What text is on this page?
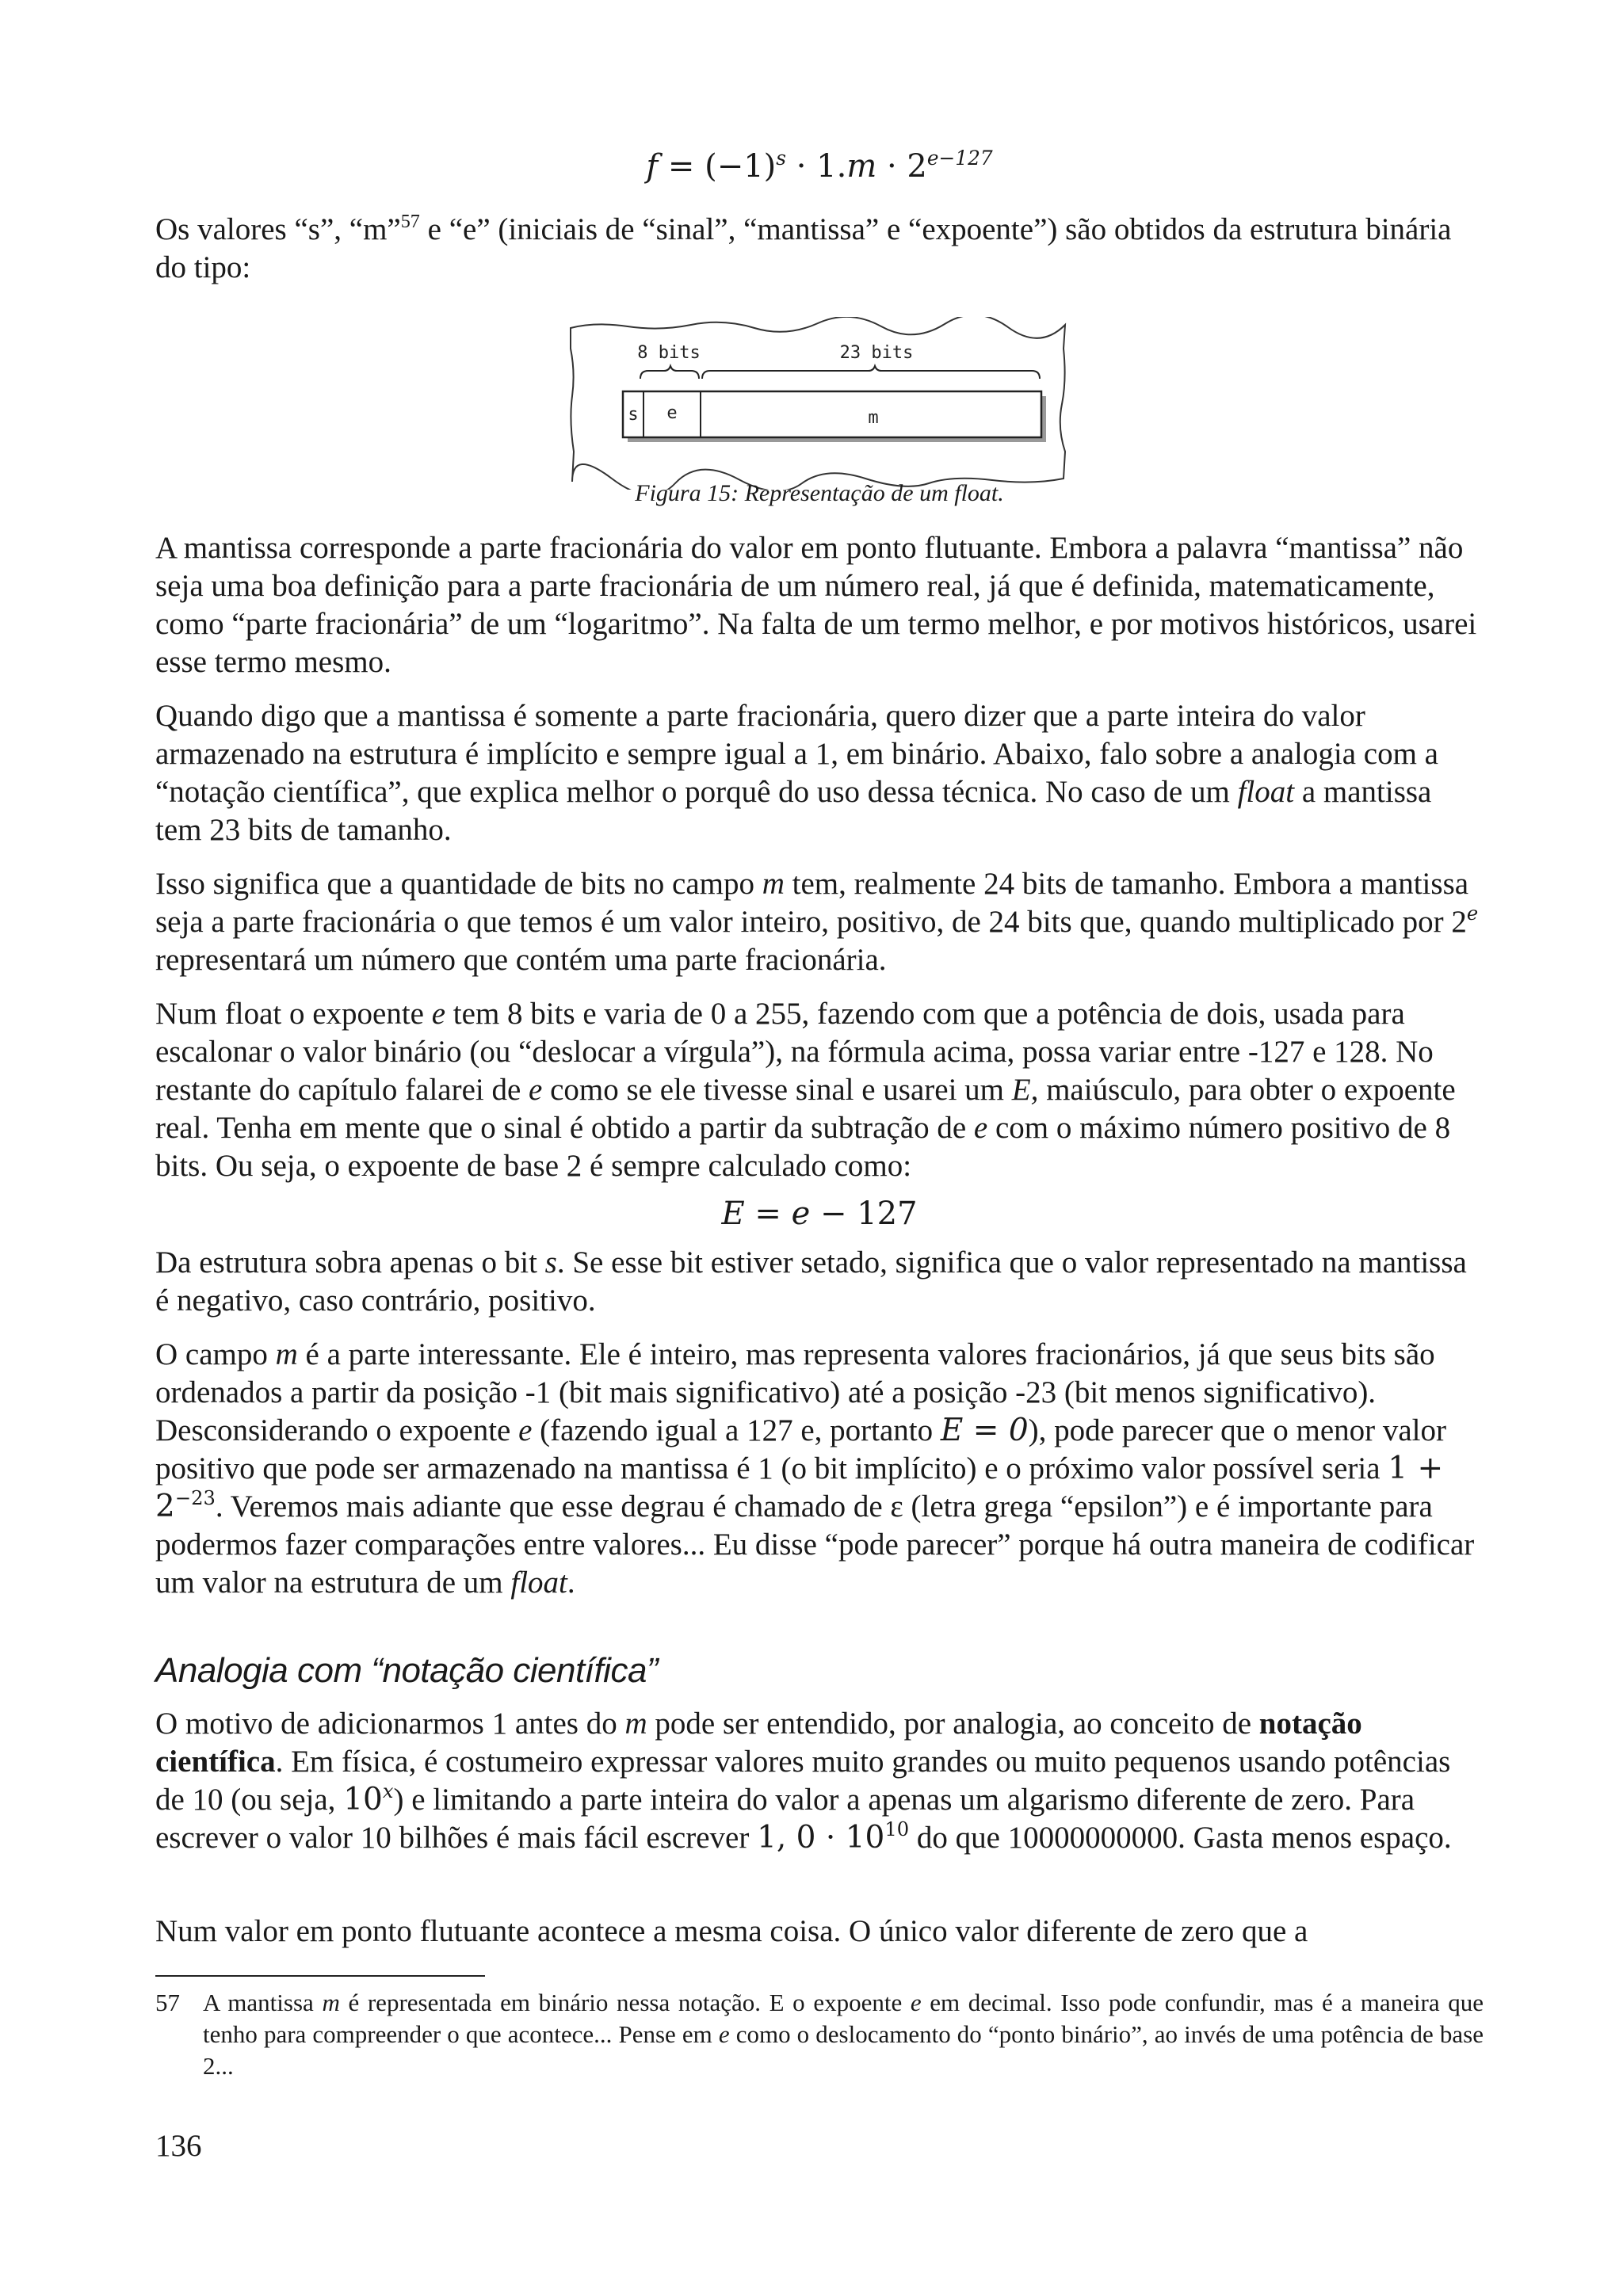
$f = (-1)^s \cdot 1.m \cdot 2^{e-127}$

Os valores “s”, “m”$^{57}$ e “e” (iniciais de “sinal”, “mantissa” e “expoente”) são obtidos da estrutura binária do tipo:

8 bits	23 bits
s e	m
Figura 15: Representação de um float.

A mantissa corresponde a parte fracionária do valor em ponto flutuante. Embora a palavra “mantissa” não seja uma boa definição para a parte fracionária de um número real, já que é definida, matematicamente, como “parte fracionária” de um “logaritmo”. Na falta de um termo melhor, e por motivos históricos, usarei esse termo mesmo.

Quando digo que a mantissa é somente a parte fracionária, quero dizer que a parte inteira do valor armazenado na estrutura é implícito e sempre igual a 1, em binário. Abaixo, falo sobre a analogia com a “notação científica”, que explica melhor o porquê do uso dessa técnica. No caso de um float a mantissa tem 23 bits de tamanho.

Isso significa que a quantidade de bits no campo m tem, realmente 24 bits de tamanho. Embora a mantissa seja a parte fracionária o que temos é um valor inteiro, positivo, de 24 bits que, quando multiplicado por 2e representará um número que contém uma parte fracionária.

Num float o expoente e tem 8 bits e varia de 0 a 255, fazendo com que a potência de dois, usada para escalonar o valor binário (ou “deslocar a vírgula”), na fórmula acima, possa variar entre -127 e 128. No restante do capítulo falarei de e como se ele tivesse sinal e usarei um E, maiúsculo, para obter o expoente real. Tenha em mente que o sinal é obtido a partir da subtração de e com o máximo número positivo de 8 bits. Ou seja, o expoente de base 2 é sempre calculado como:

E = e − 127

Da estrutura sobra apenas o bit s. Se esse bit estiver setado, significa que o valor representado na mantissa é negativo, caso contrário, positivo.

O campo m é a parte interessante. Ele é inteiro, mas representa valores fracionários, já que seus bits são ordenados a partir da posição -1 (bit mais significativo) até a posição -23 (bit menos significativo). Desconsiderando o expoente e (fazendo igual a 127 e, portanto E = 0), pode parecer que o menor valor positivo que pode ser armazenado na mantissa é 1 (o bit implícito) e o próximo valor possível seria $1 + 2^{-23}$. Veremos mais adiante que esse degrau é chamado de ε (letra grega “epsilon”) e é importante para podermos fazer comparações entre valores... Eu disse “pode parecer” porque há outra maneira de codificar um valor na estrutura de um float.

Analogia com “notação científica”

O motivo de adicionarmos 1 antes do m pode ser entendido, por analogia, ao conceito de notação científica. Em física, é costumeiro expressar valores muito grandes ou muito pequenos usando potências de 10 (ou seja, 10$^x$) e limitando a parte inteira do valor a apenas um algarismo diferente de zero. Para escrever o valor 10 bilhões é mais fácil escrever 1, $0 \cdot 10^{10}$ do que 10000000000. Gasta menos espaço.

Num valor em ponto flutuante acontece a mesma coisa. O único valor diferente de zero que a

57 A mantissa m é representada em binário nessa notação. E o expoente e em decimal. Isso pode confundir, mas é a maneira que tenho para compreender o que acontece... Pense em e como o deslocamento do “ponto binário”, ao invés de uma potência de base 2...
136
